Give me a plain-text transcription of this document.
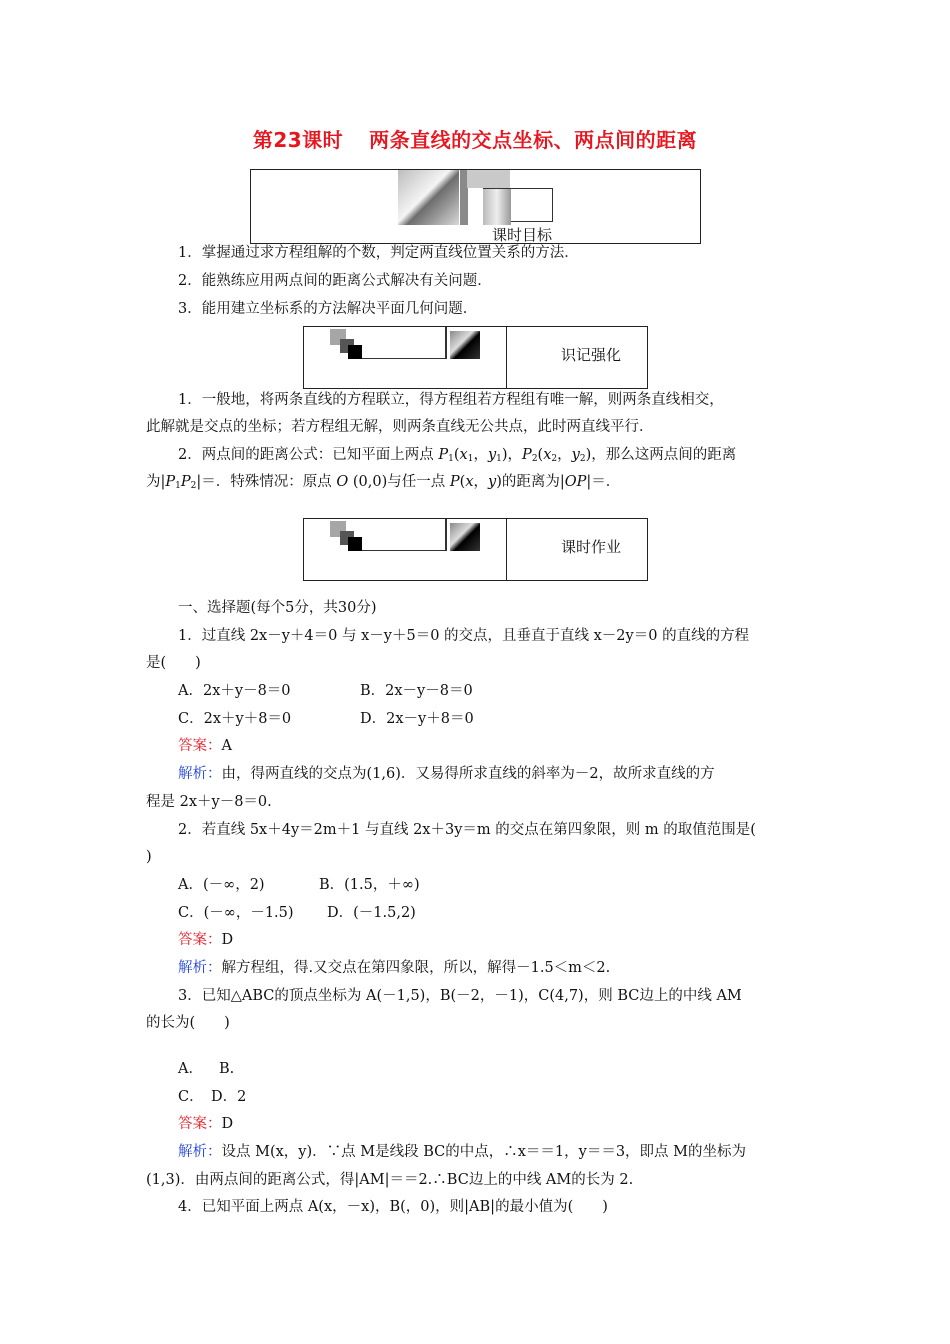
第23课时 两条直线的交点坐标、两点间的距离
课时目标
1．掌握通过求方程组解的个数，判定两直线位置关系的方法．
2．能熟练应用两点间的距离公式解决有关问题．
3．能用建立坐标系的方法解决平面几何问题．
识记强化
1．一般地，将两条直线的方程联立，得方程组若方程组有唯一解，则两条直线相交，
此解就是交点的坐标；若方程组无解，则两条直线无公共点，此时两直线平行．
2．两点间的距离公式：已知平面上两点 $P_1(x_1$，$y_1$)，$P_2(x_2$，$y_2$)，那么这两点间的距离
为$|P_1P_2|=$．特殊情况：原点 O (0,0)与任一点 P(x，y)的距离为|OP|＝．
课时作业
一、选择题(每个5分，共30分)
1．过直线 2x－y＋4＝0 与 x－y＋5＝0 的交点，且垂直于直线 x－2y＝0 的直线的方程
是(　　)
A．2x＋y－8＝0	B．2x－y－8＝0
C．2x＋y＋8＝0	D．2x－y＋8＝0
答案：A
解析：由，得两直线的交点为(1,6)．又易得所求直线的斜率为－2，故所求直线的方
程是 2x＋y－8＝0.
2．若直线 5x＋4y＝2m＋1 与直线 2x＋3y＝m 的交点在第四象限，则 m 的取值范围是(
)
A．(－∞，2)	B．(1.5，＋∞)
C．(－∞，－1.5) D．(－1.5,2)
答案：D
解析：解方程组，得.又交点在第四象限，所以，解得－1.5＜m＜2.
3．已知△ABC的顶点坐标为 A(－1,5)，B(－2，－1)，C(4,7)，则 BC边上的中线 AM
的长为(　　)
A． B.
C． D．2
答案：D
解析：设点 M(x，y)．∵点 M是线段 BC的中点，∴x＝＝1，y＝＝3，即点 M的坐标为
(1,3)．由两点间的距离公式，得|AM|＝＝2.∴BC边上的中线 AM的长为 2.
4．已知平面上两点 A(x，－x)，B(，0)，则|AB|的最小值为(　　)
